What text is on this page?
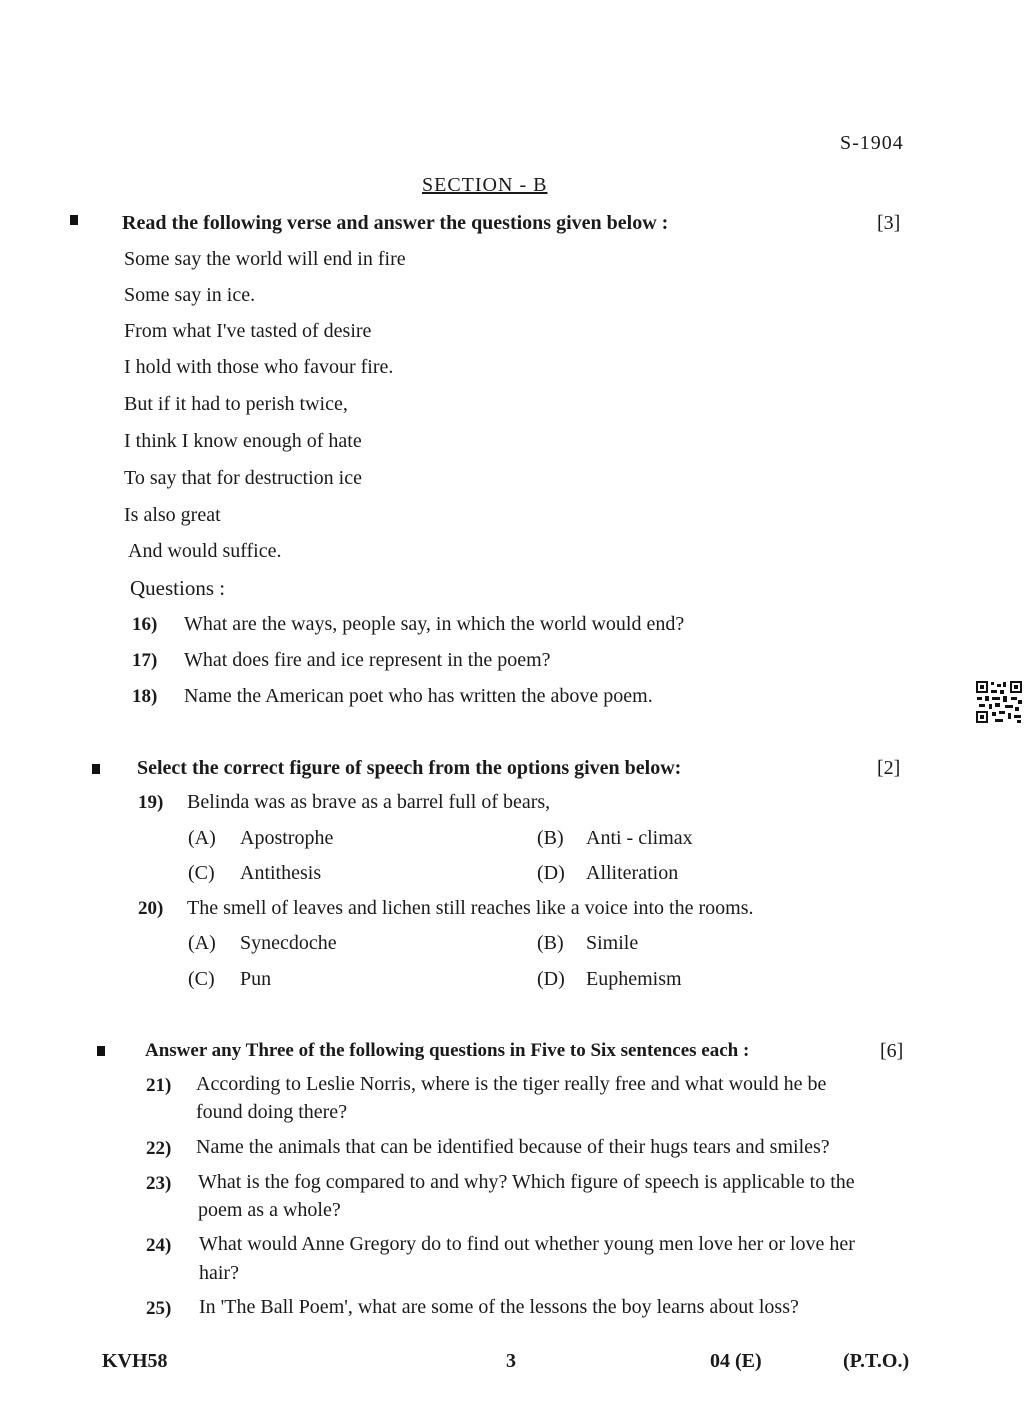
S-1904
SECTION - B
Read the following verse and answer the questions given below :	[3]
Some say the world will end in fire
Some say in ice.
From what I've tasted of desire
I hold with those who favour fire.
But if it had to perish twice,
I think I know enough of hate
To say that for destruction ice
Is also great
And would suffice.
Questions :
16) What are the ways, people say, in which the world would end?
17) What does fire and ice represent in the poem?
18) Name the American poet who has written the above poem.
Select the correct figure of speech from the options given below:	[2]
19) Belinda was as brave as a barrel full of bears,
(A) Apostrophe	(B) Anti - climax
(C) Antithesis	(D) Alliteration
20) The smell of leaves and lichen still reaches like a voice into the rooms.
(A) Synecdoche	(B) Simile
(C) Pun	(D) Euphemism
Answer any Three of the following questions in Five to Six sentences each :	[6]
21) According to Leslie Norris, where is the tiger really free and what would he be
found doing there?
22) Name the animals that can be identified because of their hugs tears and smiles?
23) What is the fog compared to and why? Which figure of speech is applicable to the
poem as a whole?
24) What would Anne Gregory do to find out whether young men love her or love her
hair?
25) In 'The Ball Poem', what are some of the lessons the boy learns about loss?
KVH58	3	04 (E)	(P.T.O.)
